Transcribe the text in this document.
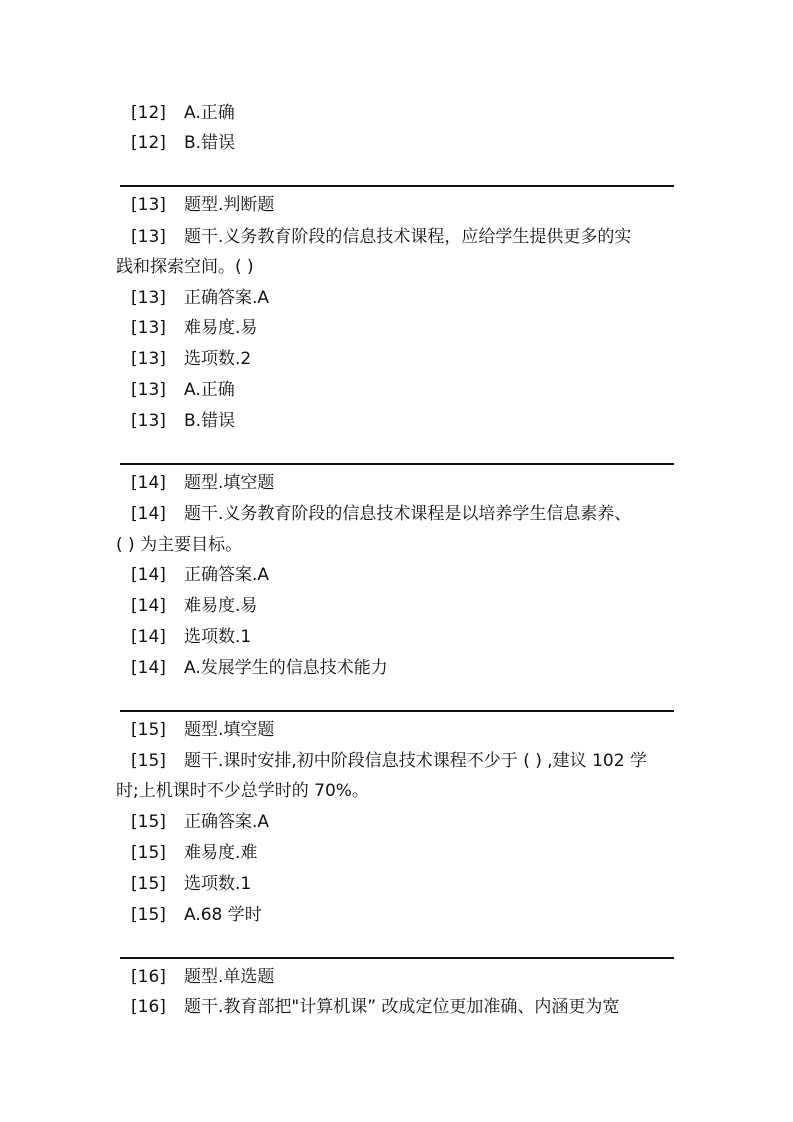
[12] A.正确
[12] B.错误
[13] 题型.判断题
[13] 题干.义务教育阶段的信息技术课程，应给学生提供更多的实
践和探索空间。( )
[13] 正确答案.A
[13] 难易度.易
[13] 选项数.2
[13] A.正确
[13] B.错误
[14] 题型.填空题
[14] 题干.义务教育阶段的信息技术课程是以培养学生信息素养、
( ) 为主要目标。
[14] 正确答案.A
[14] 难易度.易
[14] 选项数.1
[14] A.发展学生的信息技术能力
[15] 题型.填空题
[15] 题干.课时安排,初中阶段信息技术课程不少于 ( ) ,建议 102 学
时;上机课时不少总学时的 70%。
[15] 正确答案.A
[15] 难易度.难
[15] 选项数.1
[15] A.68 学时
[16] 题型.单选题
[16] 题干.教育部把"计算机课” 改成定位更加准确、内涵更为宽
